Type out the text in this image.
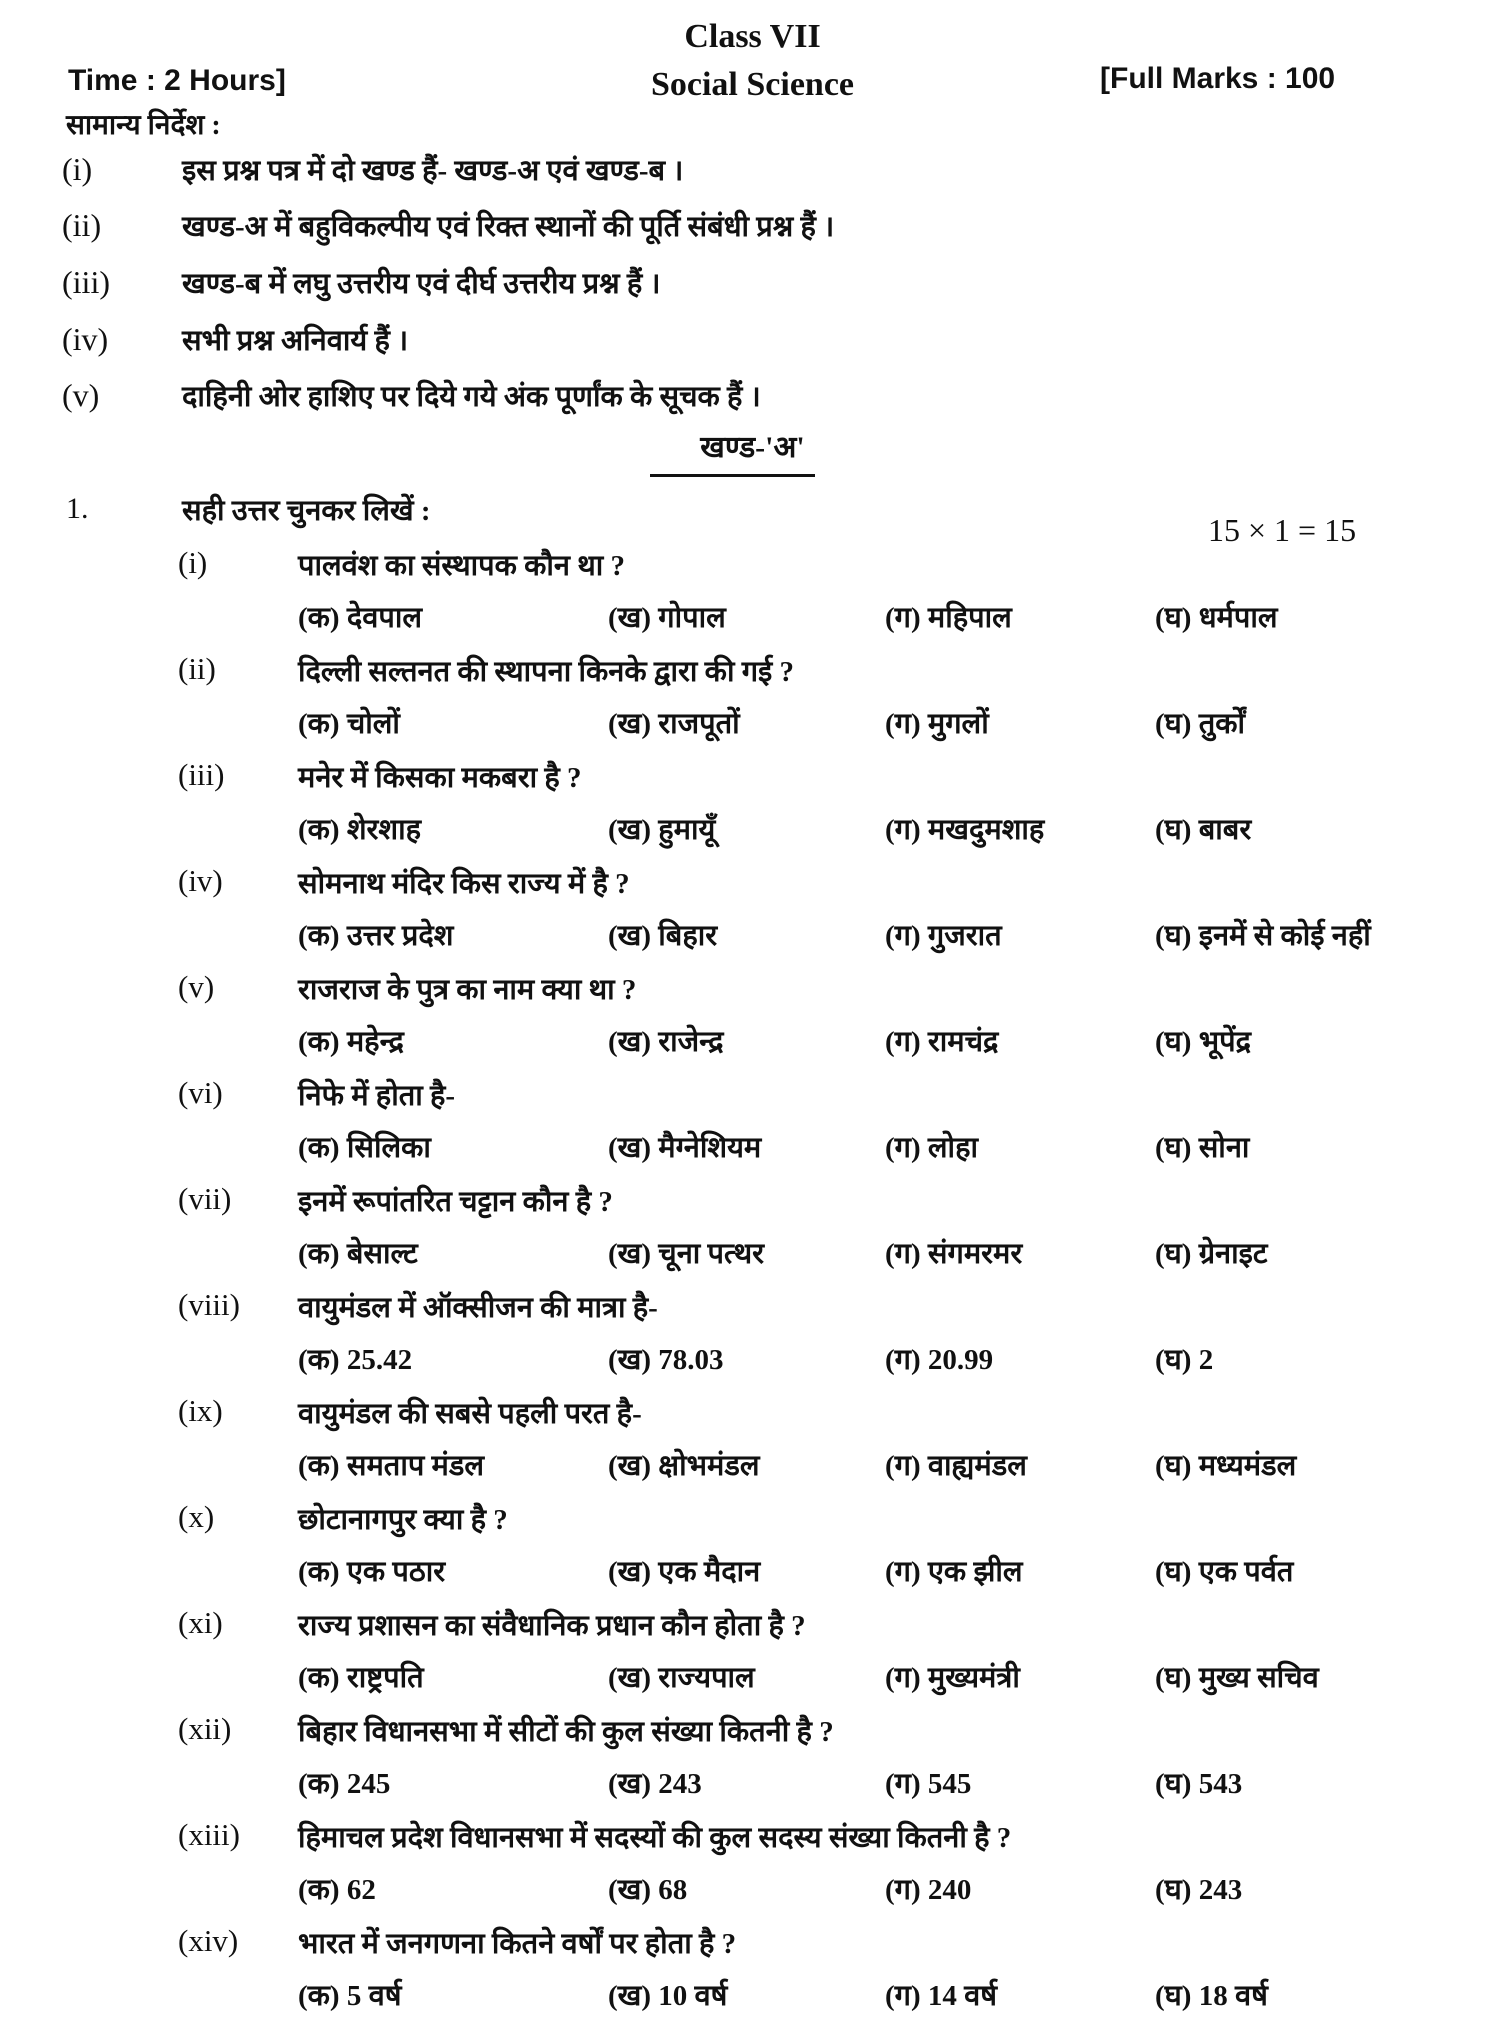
Class VII
Time : 2 Hours]	Social Science	[Full Marks : 100
सामान्य निर्देश :
(i)	इस प्रश्न पत्र में दो खण्ड हैं- खण्ड-अ एवं खण्ड-ब ।
(ii)	खण्ड-अ में बहुविकल्पीय एवं रिक्त स्थानों की पूर्ति संबंधी प्रश्न हैं ।
(iii) खण्ड-ब में लघु उत्तरीय एवं दीर्घ उत्तरीय प्रश्न हैं ।
(iv)	सभी प्रश्न अनिवार्य हैं ।
(v)	दाहिनी ओर हाशिए पर दिये गये अंक पूर्णांक के सूचक हैं ।
खण्ड-'अ'
1.	सही उत्तर चुनकर लिखें :
15 × 1 = 15
(i)	पालवंश का संस्थापक कौन था ?
(क) देवपाल	(ख) गोपाल	(ग) महिपाल	(घ) धर्मपाल
(ii)	दिल्ली सल्तनत की स्थापना किनके द्वारा की गई ?
(क) चोलों	(ख) राजपूतों	(ग) मुगलों	(घ) तुर्कों
(iii)	मनेर में किसका मकबरा है ?
(क) शेरशाह	(ख) हुमायूँ	(ग) मखदुमशाह	(घ) बाबर
(iv)	सोमनाथ मंदिर किस राज्य में है ?
(क) उत्तर प्रदेश	(ख) बिहार	(ग) गुजरात	(घ) इनमें से कोई नहीं
(v)	राजराज के पुत्र का नाम क्या था ?
(क) महेन्द्र	(ख) राजेन्द्र	(ग) रामचंद्र	(घ) भूपेंद्र
(vi)	निफे में होता है-
(क) सिलिका	(ख) मैग्नेशियम	(ग) लोहा	(घ) सोना
(vii) इनमें रूपांतरित चट्टान कौन है ?
(क) बेसाल्ट	(ख) चूना पत्थर	(ग) संगमरमर	(घ) ग्रेनाइट
(viii) वायुमंडल में ऑक्सीजन की मात्रा है-
(क) 25.42	(ख) 78.03	(ग) 20.99	(घ) 2
(ix)	वायुमंडल की सबसे पहली परत है-
(क) समताप मंडल	(ख) क्षोभमंडल	(ग) वाह्यमंडल	(घ) मध्यमंडल
(x)	छोटानागपुर क्या है ?
(क) एक पठार	(ख) एक मैदान	(ग) एक झील	(घ) एक पर्वत
(xi)	राज्य प्रशासन का संवैधानिक प्रधान कौन होता है ?
(क) राष्ट्रपति	(ख) राज्यपाल	(ग) मुख्यमंत्री	(घ) मुख्य सचिव
(xii) बिहार विधानसभा में सीटों की कुल संख्या कितनी है ?
(क) 245	(ख) 243	(ग) 545	(घ) 543
(xiii) हिमाचल प्रदेश विधानसभा में सदस्यों की कुल सदस्य संख्या कितनी है ?
(क) 62	(ख) 68	(ग) 240	(घ) 243
(xiv) भारत में जनगणना कितने वर्षों पर होता है ?
(क) 5 वर्ष	(ख) 10 वर्ष	(ग) 14 वर्ष	(घ) 18 वर्ष
